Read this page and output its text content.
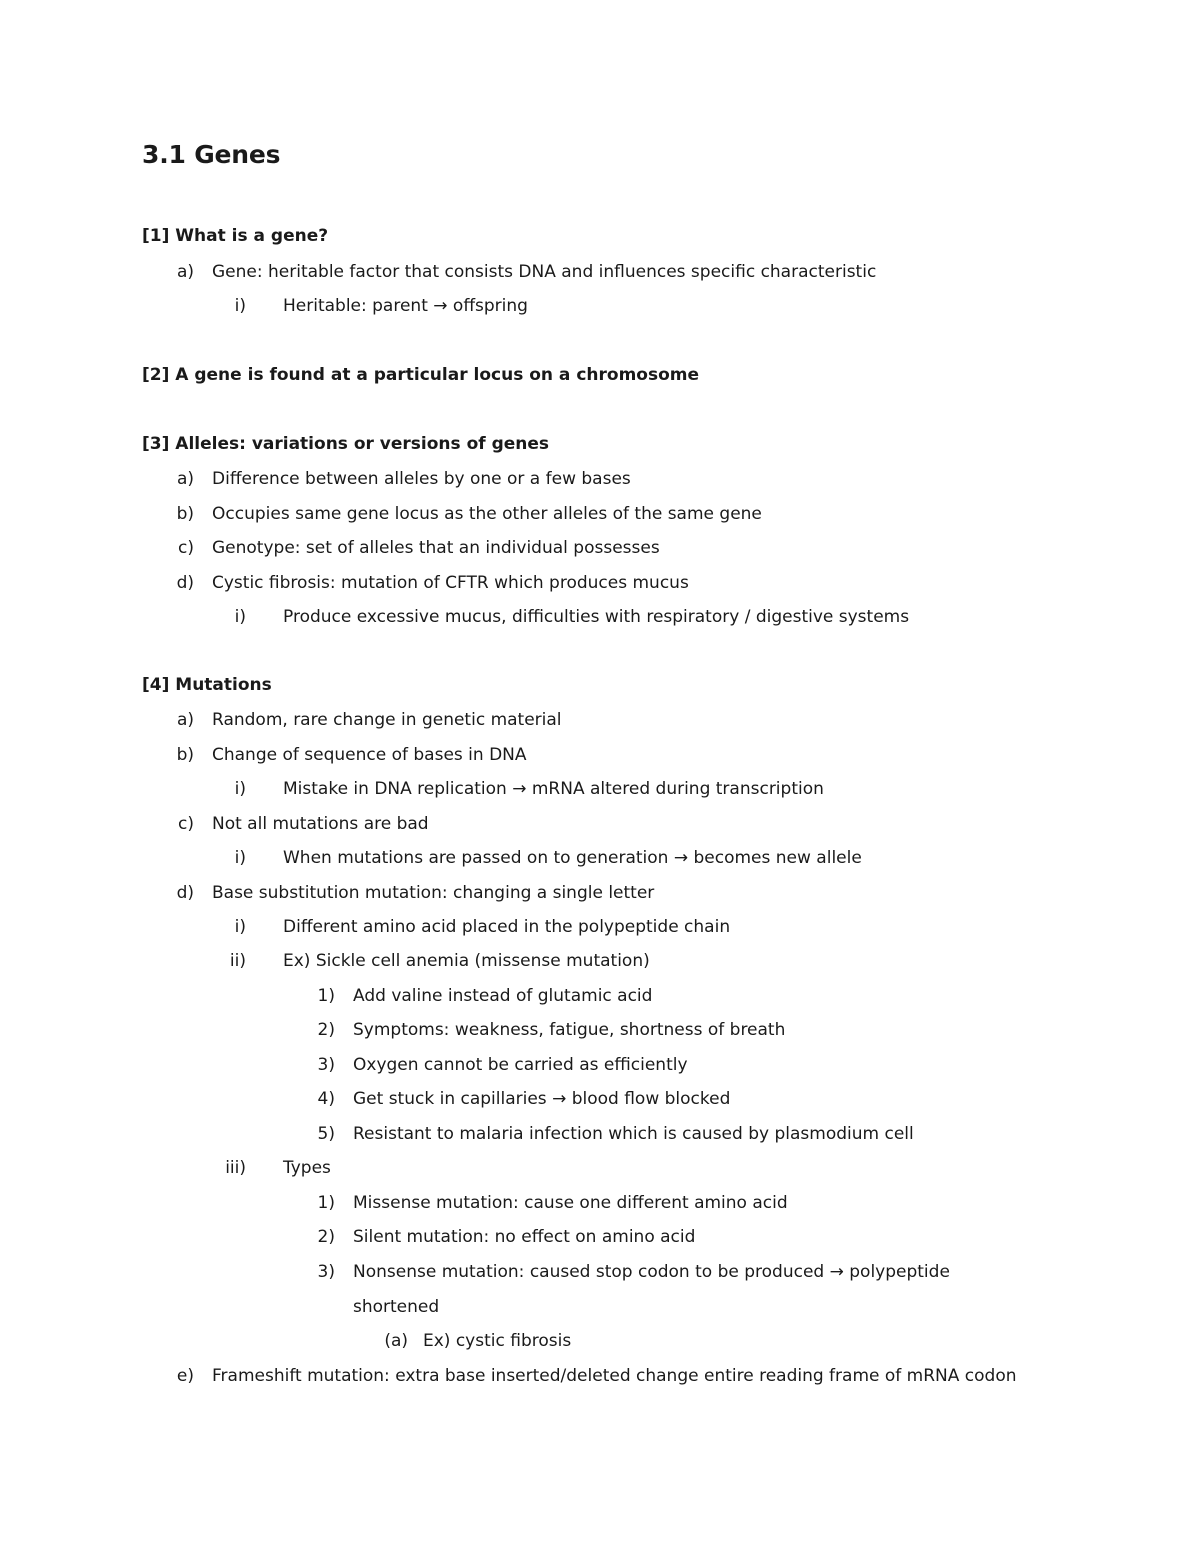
3.1 Genes
[1] What is a gene?
a) Gene: heritable factor that consists DNA and influences specific characteristic
i) Heritable: parent → offspring
[2] A gene is found at a particular locus on a chromosome
[3] Alleles: variations or versions of genes
a) Difference between alleles by one or a few bases
b) Occupies same gene locus as the other alleles of the same gene
c) Genotype: set of alleles that an individual possesses
d) Cystic fibrosis: mutation of CFTR which produces mucus
i) Produce excessive mucus, difficulties with respiratory / digestive systems
[4] Mutations
a) Random, rare change in genetic material
b) Change of sequence of bases in DNA
i) Mistake in DNA replication → mRNA altered during transcription
c) Not all mutations are bad
i) When mutations are passed on to generation → becomes new allele
d) Base substitution mutation: changing a single letter
i) Different amino acid placed in the polypeptide chain
ii) Ex) Sickle cell anemia (missense mutation)
1) Add valine instead of glutamic acid
2) Symptoms: weakness, fatigue, shortness of breath
3) Oxygen cannot be carried as efficiently
4) Get stuck in capillaries → blood flow blocked
5) Resistant to malaria infection which is caused by plasmodium cell
iii) Types
1) Missense mutation: cause one different amino acid
2) Silent mutation: no effect on amino acid
3) Nonsense mutation: caused stop codon to be produced → polypeptide
shortened
(a) Ex) cystic fibrosis
e) Frameshift mutation: extra base inserted/deleted change entire reading frame of mRNA codon
